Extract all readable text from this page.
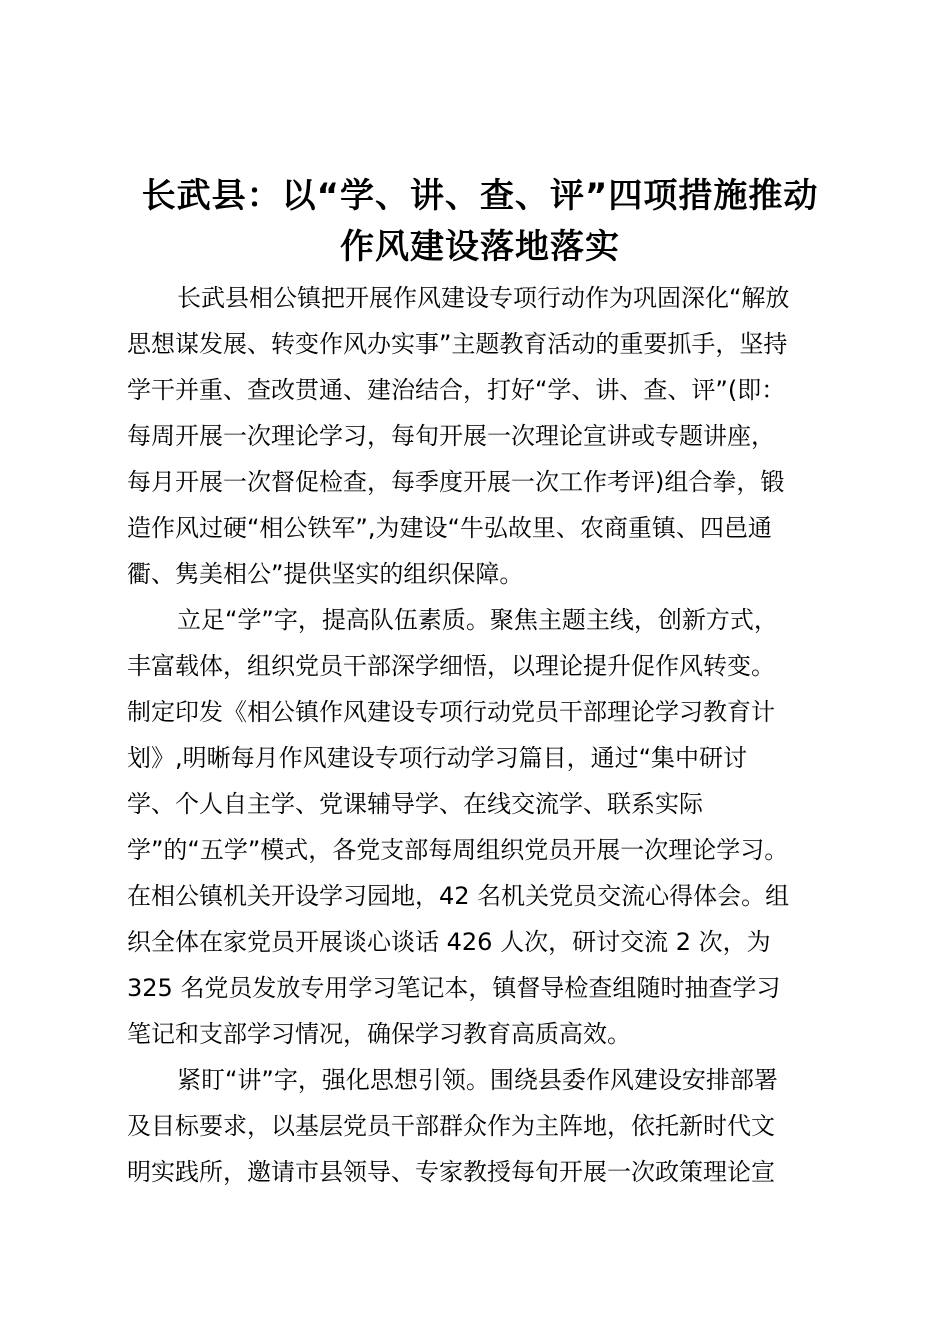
长武县：以“学、讲、查、评”四项措施推动
作风建设落地落实
长武县相公镇把开展作风建设专项行动作为巩固深化“解放
思想谋发展、转变作风办实事”主题教育活动的重要抓手，坚持
学干并重、查改贯通、建治结合，打好“学、讲、查、评”(即：
每周开展一次理论学习，每旬开展一次理论宣讲或专题讲座，
每月开展一次督促检查，每季度开展一次工作考评)组合拳，锻
造作风过硬“相公铁军”,为建设“牛弘故里、农商重镇、四邑通
衢、隽美相公”提供坚实的组织保障。
立足“学”字，提高队伍素质。聚焦主题主线，创新方式，
丰富载体，组织党员干部深学细悟，以理论提升促作风转变。
制定印发《相公镇作风建设专项行动党员干部理论学习教育计
划》,明晰每月作风建设专项行动学习篇目，通过“集中研讨
学、个人自主学、党课辅导学、在线交流学、联系实际
学”的“五学”模式，各党支部每周组织党员开展一次理论学习。
在相公镇机关开设学习园地，42 名机关党员交流心得体会。组
织全体在家党员开展谈心谈话 426 人次，研讨交流 2 次，为
325 名党员发放专用学习笔记本，镇督导检查组随时抽查学习
笔记和支部学习情况，确保学习教育高质高效。
紧盯“讲”字，强化思想引领。围绕县委作风建设安排部署
及目标要求，以基层党员干部群众作为主阵地，依托新时代文
明实践所，邀请市县领导、专家教授每旬开展一次政策理论宣
